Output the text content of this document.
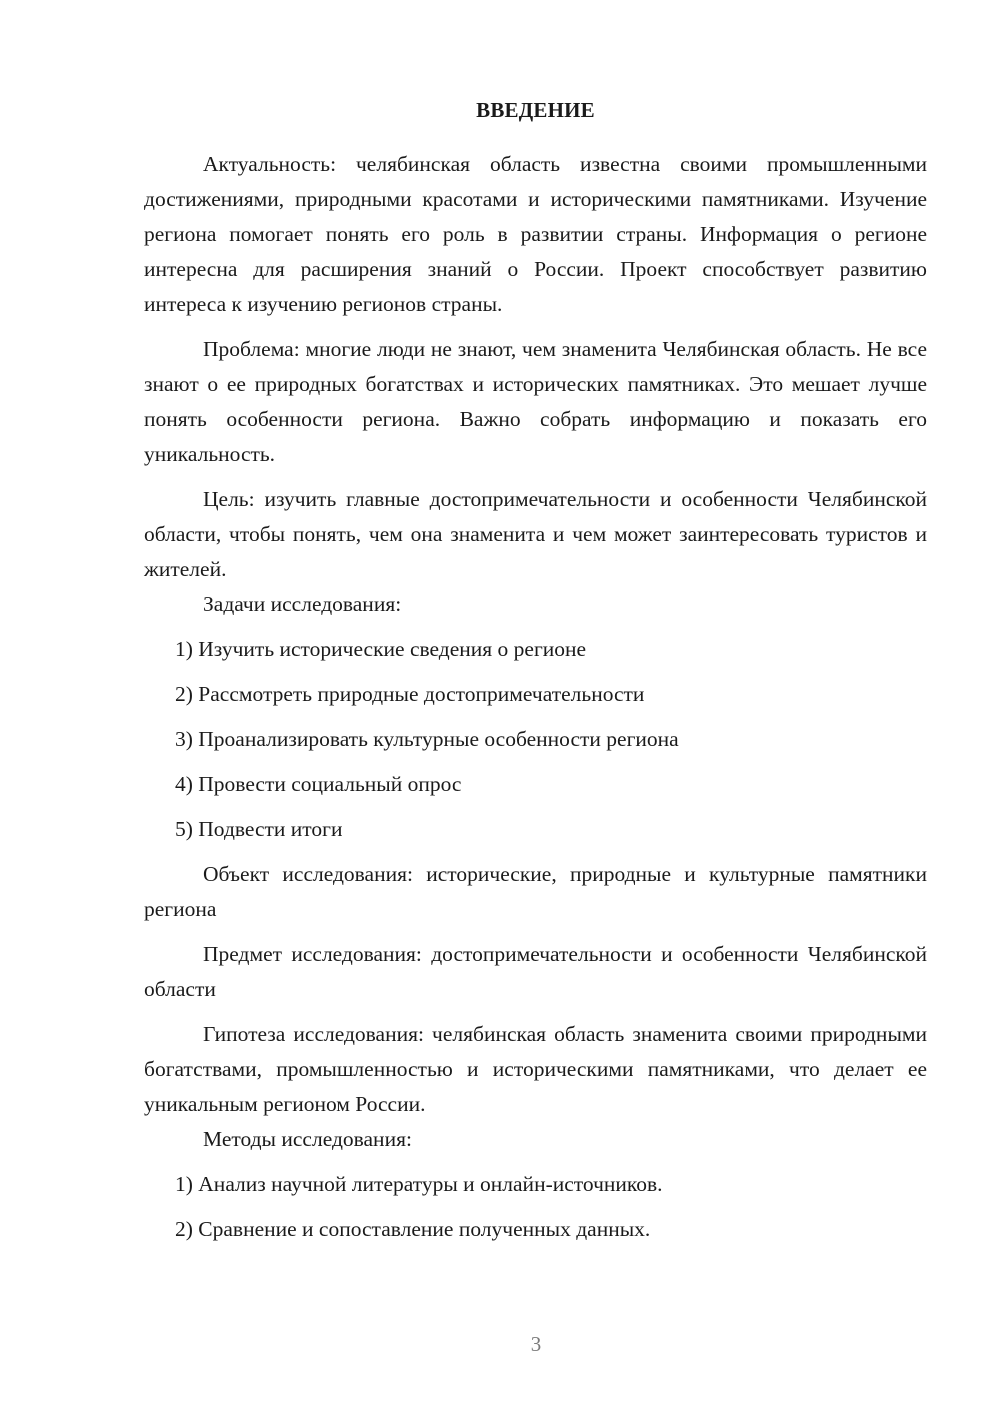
ВВЕДЕНИЕ

Актуальность: челябинская область известна своими промышленными достижениями, природными красотами и историческими памятниками. Изучение региона помогает понять его роль в развитии страны. Информация о регионе интересна для расширения знаний о России. Проект способствует развитию интереса к изучению регионов страны.

Проблема: многие люди не знают, чем знаменита Челябинская область. Не все знают о ее природных богатствах и исторических памятниках. Это мешает лучше понять особенности региона. Важно собрать информацию и показать его уникальность.

Цель: изучить главные достопримечательности и особенности Челябинской области, чтобы понять, чем она знаменита и чем может заинтересовать туристов и жителей.

Задачи исследования:

1) Изучить исторические сведения о регионе

2) Рассмотреть природные достопримечательности

3) Проанализировать культурные особенности региона

4) Провести социальный опрос

5) Подвести итоги

Объект исследования: исторические, природные и культурные памятники региона

Предмет исследования: достопримечательности и особенности Челябинской области

Гипотеза исследования: челябинская область знаменита своими природными богатствами, промышленностью и историческими памятниками, что делает ее уникальным регионом России.

Методы исследования:

1) Анализ научной литературы и онлайн-источников.

2) Сравнение и сопоставление полученных данных.

3
